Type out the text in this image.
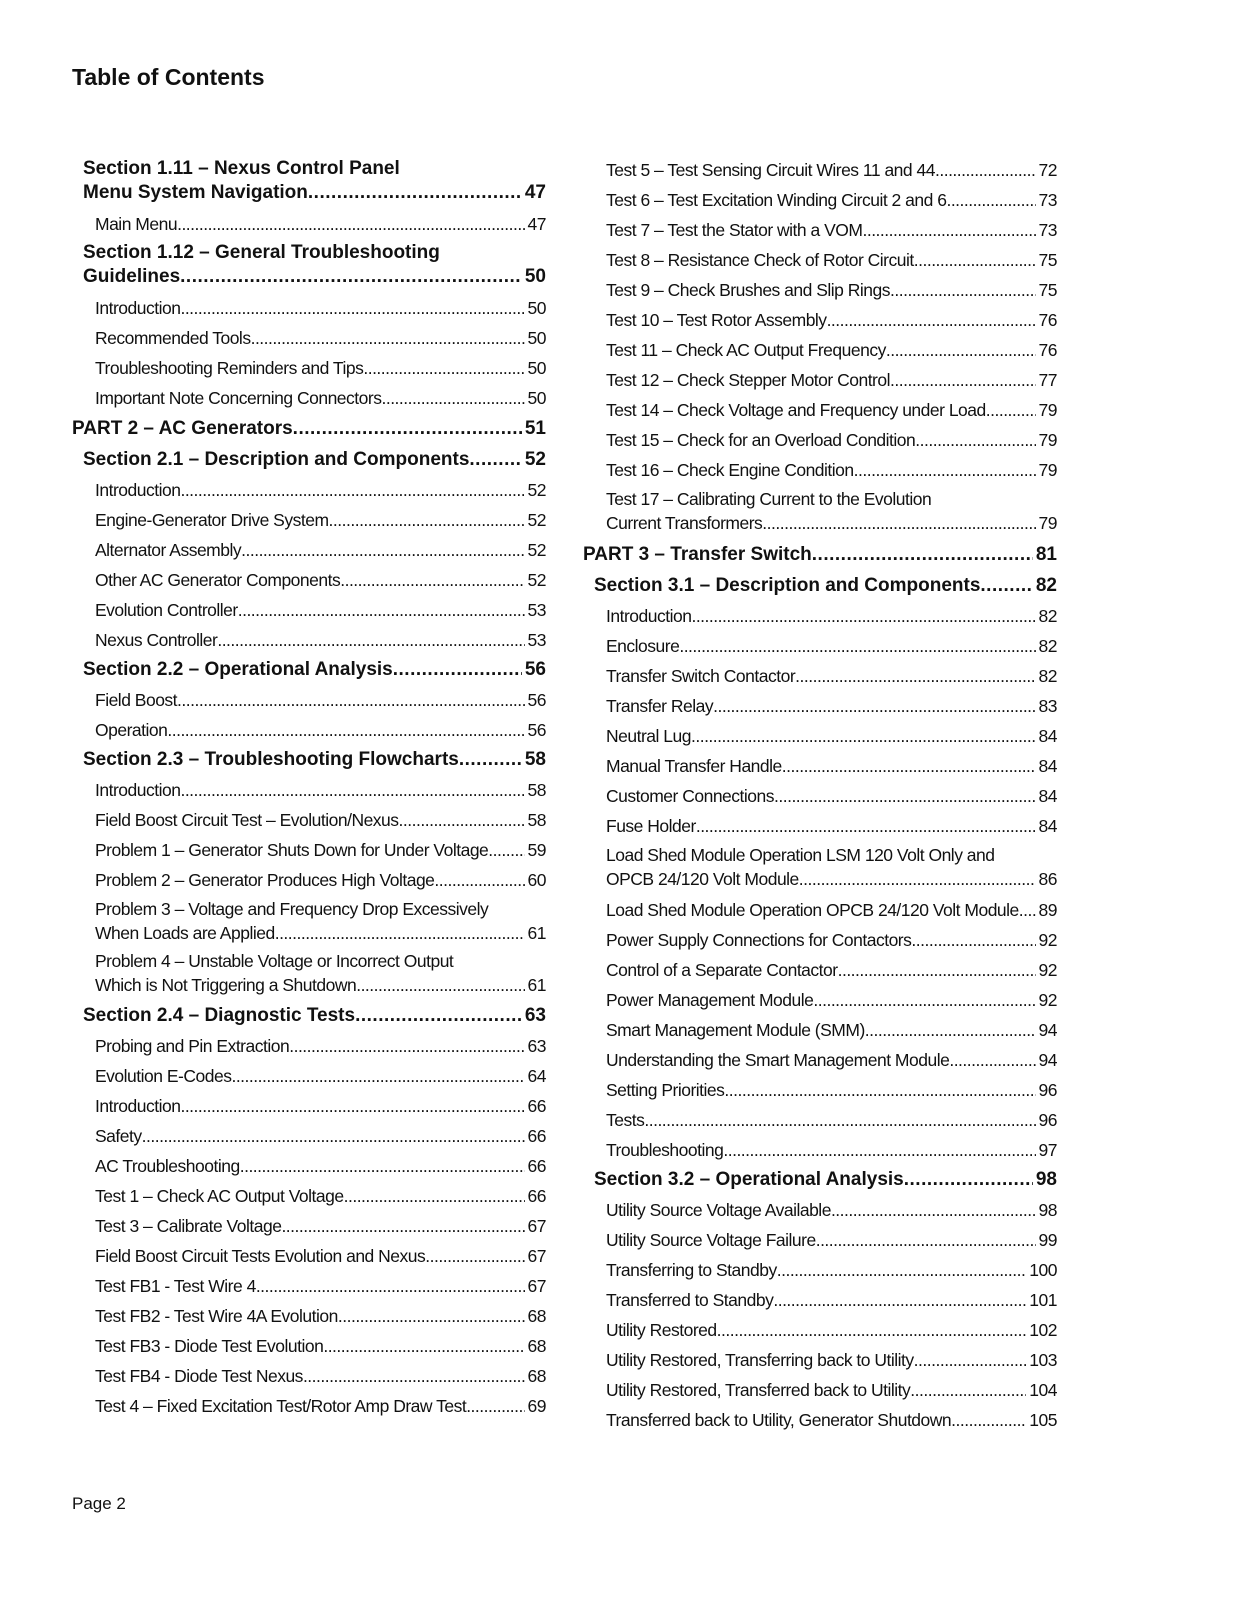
Table of Contents
Section 1.11 – Nexus Control Panel
Menu System Navigation .....	47
Main Menu .....	47
Section 1.12 – General Troubleshooting
Guidelines .....	50
Introduction .....	50
Recommended Tools .....	50
Troubleshooting Reminders and Tips .....	50
Important Note Concerning Connectors .....	50
PART 2 – AC Generators .....	51
Section 2.1 – Description and Components .....	52
Introduction .....	52
Engine-Generator Drive System .....	52
Alternator Assembly .....	52
Other AC Generator Components .....	52
Evolution Controller .....	53
Nexus Controller .....	53
Section 2.2 – Operational Analysis .....	56
Field Boost .....	56
Operation .....	56
Section 2.3 – Troubleshooting Flowcharts .....	58
Introduction .....	58
Field Boost Circuit Test – Evolution/Nexus .....	58
Problem 1 – Generator Shuts Down for Under Voltage ..... 59
Problem 2 – Generator Produces High Voltage .....	60
Problem 3 – Voltage and Frequency Drop Excessively
When Loads are Applied .....	61
Problem 4 – Unstable Voltage or Incorrect Output
Which is Not Triggering a Shutdown .....	61
Section 2.4 – Diagnostic Tests .....	63
Probing and Pin Extraction .....	63
Evolution E-Codes .....	64
Introduction .....	66
Safety .....	66
AC Troubleshooting .....	66
Test 1 – Check AC Output Voltage .....	66
Test 3 – Calibrate Voltage .....	67
Field Boost Circuit Tests Evolution and Nexus .....	67
Test FB1 - Test Wire 4 .....	67
Test FB2 - Test Wire 4A Evolution .....	68
Test FB3 - Diode Test Evolution .....	68
Test FB4 - Diode Test Nexus .....	68
Test 4 – Fixed Excitation Test/Rotor Amp Draw Test .....	69
Test 5 – Test Sensing Circuit Wires 11 and 44 .....	72
Test 6 – Test Excitation Winding Circuit 2 and 6 .....	73
Test 7 – Test the Stator with a VOM .....	73
Test 8 – Resistance Check of Rotor Circuit .....	75
Test 9 – Check Brushes and Slip Rings .....	75
Test 10 – Test Rotor Assembly .....	76
Test 11 – Check AC Output Frequency .....	76
Test 12 – Check Stepper Motor Control .....	77
Test 14 – Check Voltage and Frequency under Load .....	79
Test 15 – Check for an Overload Condition .....	79
Test 16 – Check Engine Condition .....	79
Test 17 – Calibrating Current to the Evolution
Current Transformers .....	79
PART 3 – Transfer Switch .....	81
Section 3.1 – Description and Components .....	82
Introduction .....	82
Enclosure .....	82
Transfer Switch Contactor .....	82
Transfer Relay .....	83
Neutral Lug .....	84
Manual Transfer Handle .....	84
Customer Connections .....	84
Fuse Holder .....	84
Load Shed Module Operation LSM 120 Volt Only and
OPCB 24/120 Volt Module .....	86
Load Shed Module Operation OPCB 24/120 Volt Module ..... 89
Power Supply Connections for Contactors .....	92
Control of a Separate Contactor .....	92
Power Management Module .....	92
Smart Management Module (SMM) .....	94
Understanding the Smart Management Module .....	94
Setting Priorities .....	96
Tests .....	96
Troubleshooting .....	97
Section 3.2 – Operational Analysis .....	98
Utility Source Voltage Available .....	98
Utility Source Voltage Failure .....	99
Transferring to Standby .....	100
Transferred to Standby .....	101
Utility Restored .....	102
Utility Restored, Transferring back to Utility .....	103
Utility Restored, Transferred back to Utility .....	104
Transferred back to Utility, Generator Shutdown .....	105
Page 2
